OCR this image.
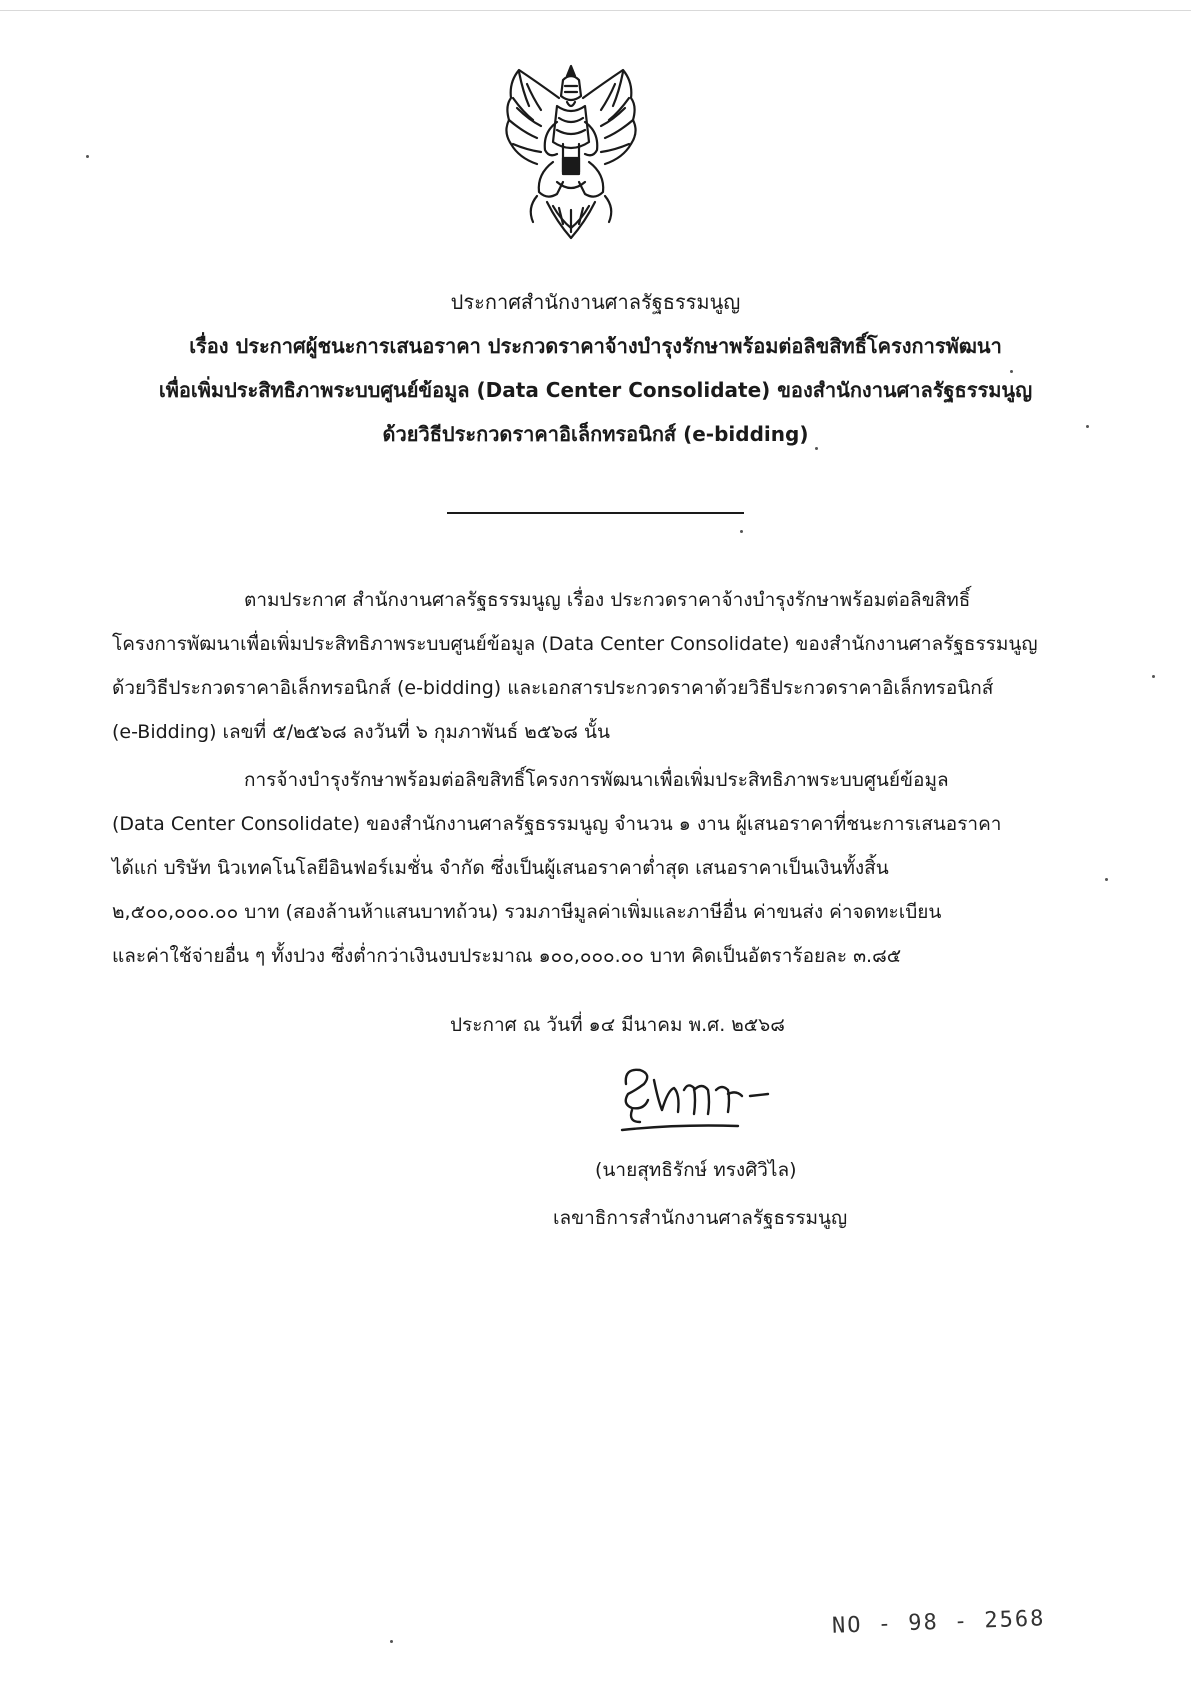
ประกาศสำนักงานศาลรัฐธรรมนูญ
เรื่อง ประกาศผู้ชนะการเสนอราคา ประกวดราคาจ้างบำรุงรักษาพร้อมต่อลิขสิทธิ์โครงการพัฒนา
เพื่อเพิ่มประสิทธิภาพระบบศูนย์ข้อมูล (Data Center Consolidate) ของสำนักงานศาลรัฐธรรมนูญ
ด้วยวิธีประกวดราคาอิเล็กทรอนิกส์ (e-bidding)
ตามประกาศ สำนักงานศาลรัฐธรรมนูญ เรื่อง ประกวดราคาจ้างบำรุงรักษาพร้อมต่อลิขสิทธิ์
โครงการพัฒนาเพื่อเพิ่มประสิทธิภาพระบบศูนย์ข้อมูล (Data Center Consolidate) ของสำนักงานศาลรัฐธรรมนูญ
ด้วยวิธีประกวดราคาอิเล็กทรอนิกส์ (e-bidding) และเอกสารประกวดราคาด้วยวิธีประกวดราคาอิเล็กทรอนิกส์
(e-Bidding) เลขที่ ๕/๒๕๖๘ ลงวันที่ ๖ กุมภาพันธ์ ๒๕๖๘ นั้น
การจ้างบำรุงรักษาพร้อมต่อลิขสิทธิ์โครงการพัฒนาเพื่อเพิ่มประสิทธิภาพระบบศูนย์ข้อมูล
(Data Center Consolidate) ของสำนักงานศาลรัฐธรรมนูญ จำนวน ๑ งาน ผู้เสนอราคาที่ชนะการเสนอราคา
ได้แก่ บริษัท นิวเทคโนโลยีอินฟอร์เมชั่น จำกัด ซึ่งเป็นผู้เสนอราคาต่ำสุด เสนอราคาเป็นเงินทั้งสิ้น
๒,๕๐๐,๐๐๐.๐๐ บาท (สองล้านห้าแสนบาทถ้วน) รวมภาษีมูลค่าเพิ่มและภาษีอื่น ค่าขนส่ง ค่าจดทะเบียน
และค่าใช้จ่ายอื่น ๆ ทั้งปวง ซึ่งต่ำกว่าเงินงบประมาณ ๑๐๐,๐๐๐.๐๐ บาท คิดเป็นอัตราร้อยละ ๓.๘๕
ประกาศ ณ วันที่ ๑๔ มีนาคม พ.ศ. ๒๕๖๘
(นายสุทธิรักษ์ ทรงศิวิไล)
เลขาธิการสำนักงานศาลรัฐธรรมนูญ
NO - 98 - 2568
